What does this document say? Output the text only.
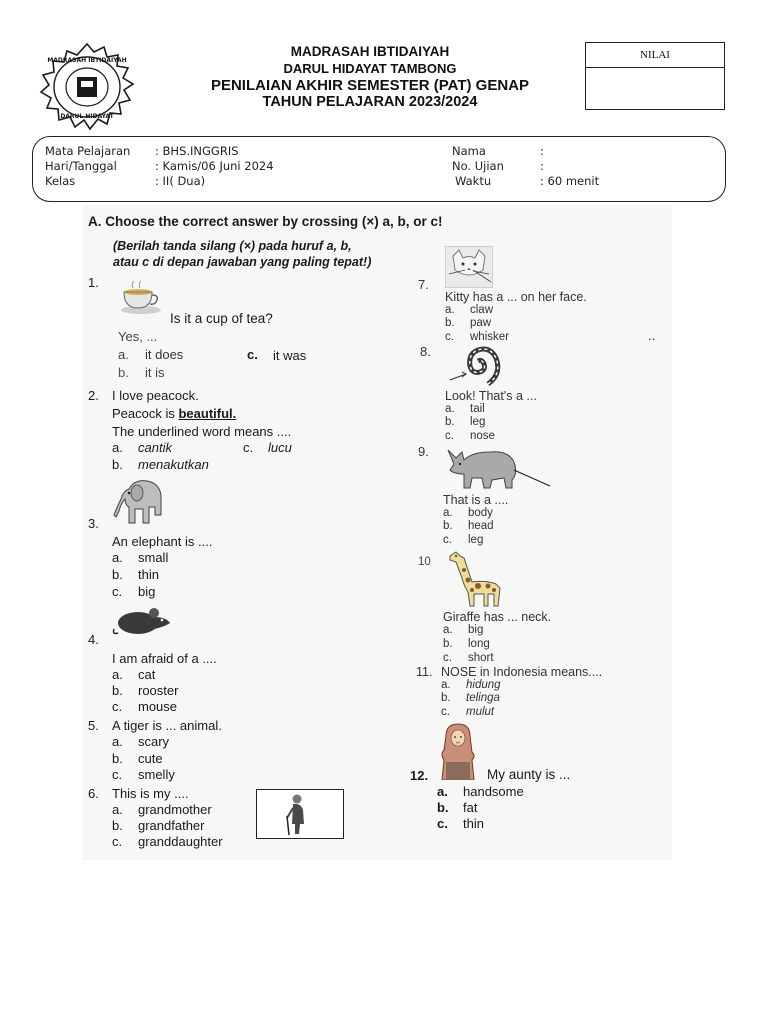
MADRASAH IBTIDAIYAH
DARUL HIDAYAT
MADRASAH IBTIDAIYAH
DARUL HIDAYAT TAMBONG
PENILAIAN AKHIR SEMESTER (PAT) GENAP
TAHUN PELAJARAN 2023/2024
NILAI
Mata Pelajaran : BHS.INGGRIS
Hari/Tanggal	: Kamis/06 Juni 2024
Kelas	: II( Dua)
Nama	:
No. Ujian	:
Waktu	: 60 menit
A. Choose the correct answer by crossing (×) a, b, or c!
(Berilah tanda silang (×) pada huruf a, b,
atau c di depan jawaban yang paling tepat!)
1.
Is it a cup of tea?
Yes, ...
a. it does	c. it was
b. it is
2. I love peacock.
Peacock is beautiful.
The underlined word means ....
a. cantik	c. lucu
b. menakutkan
3.
An elephant is ....
a. small
b. thin
c. big
4.
I am afraid of a ....
a. cat
b. rooster
c. mouse
5. A tiger is ... animal.
a. scary
b. cute
c. smelly
6. This is my ....
a. grandmother
b. grandfather
c. granddaughter
7.
Kitty has a ... on her face.
a. claw
b. paw
c. whisker	..
8.
Look! That's a ...
a. tail
b. leg
c. nose
9.
That is a ....
a. body
b. head
c. leg
10
Giraffe has ... neck.
a. big
b. long
c. short
11. NOSE in Indonesia means....
a. hidung
b. telinga
c. mulut
12.	My aunty is ...
a. handsome
b. fat
c. thin
